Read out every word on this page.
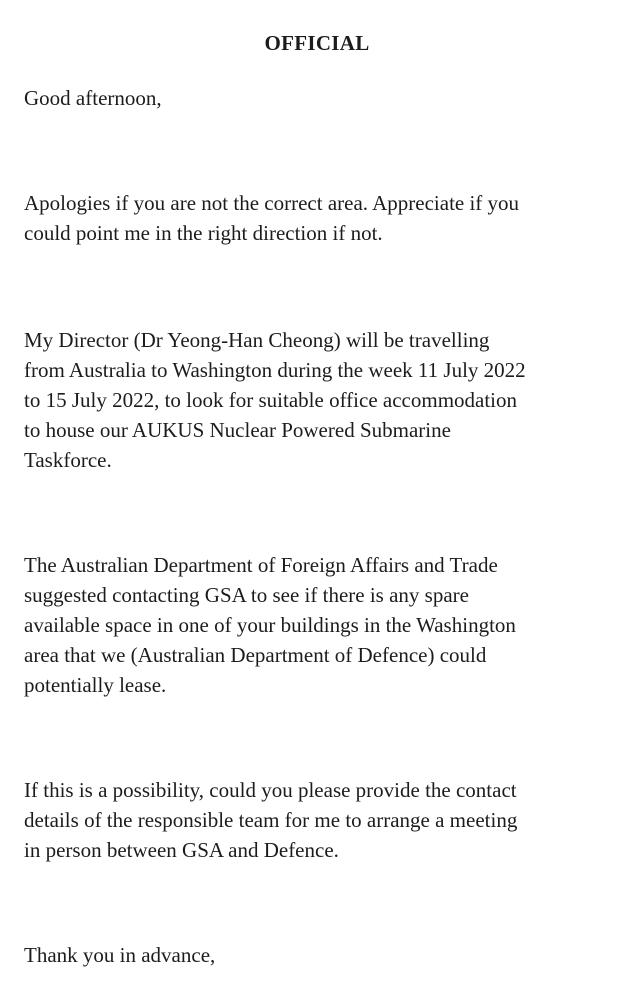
OFFICIAL

Good afternoon,

Apologies if you are not the correct area. Appreciate if you
could point me in the right direction if not.

My Director (Dr Yeong-Han Cheong) will be travelling
from Australia to Washington during the week 11 July 2022
to 15 July 2022, to look for suitable office accommodation
to house our AUKUS Nuclear Powered Submarine
Taskforce.

The Australian Department of Foreign Affairs and Trade
suggested contacting GSA to see if there is any spare
available space in one of your buildings in the Washington
area that we (Australian Department of Defence) could
potentially lease.

If this is a possibility, could you please provide the contact
details of the responsible team for me to arrange a meeting
in person between GSA and Defence.

Thank you in advance,
